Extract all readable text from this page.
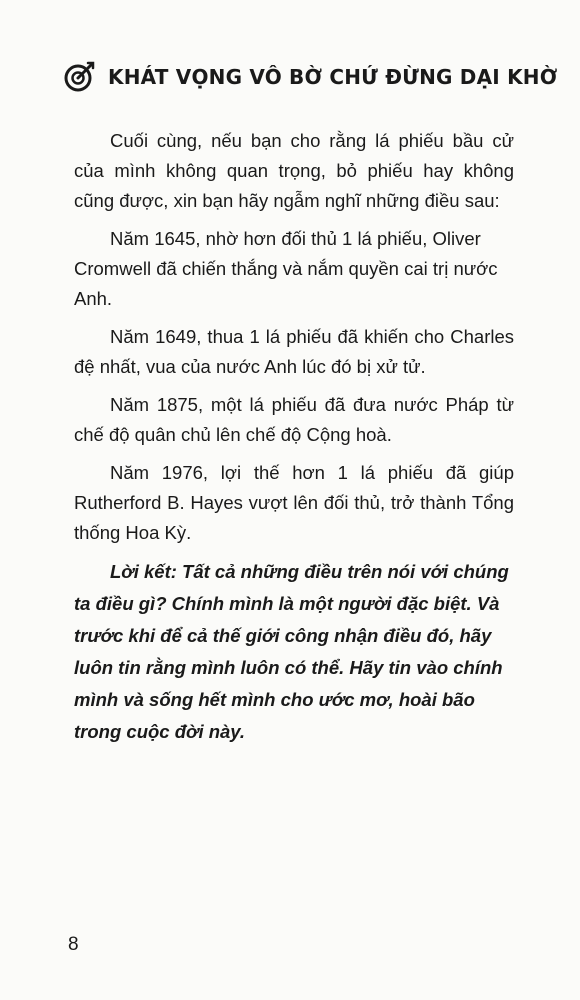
KHÁT VỌNG VÔ BỜ CHỨ ĐỪNG DẠI KHỜ

Cuối cùng, nếu bạn cho rằng lá phiếu bầu cử của mình không quan trọng, bỏ phiếu hay không cũng được, xin bạn hãy ngẫm nghĩ những điều sau:

Năm 1645, nhờ hơn đối thủ 1 lá phiếu, Oliver Cromwell đã chiến thắng và nắm quyền cai trị nước Anh.

Năm 1649, thua 1 lá phiếu đã khiến cho Charles đệ nhất, vua của nước Anh lúc đó bị xử tử.

Năm 1875, một lá phiếu đã đưa nước Pháp từ chế độ quân chủ lên chế độ Cộng hoà.

Năm 1976, lợi thế hơn 1 lá phiếu đã giúp Rutherford B. Hayes vượt lên đối thủ, trở thành Tổng thống Hoa Kỳ.

Lời kết: Tất cả những điều trên nói với chúng ta điều gì? Chính mình là một người đặc biệt. Và trước khi để cả thế giới công nhận điều đó, hãy luôn tin rằng mình luôn có thể. Hãy tin vào chính mình và sống hết mình cho ước mơ, hoài bão trong cuộc đời này.

8
